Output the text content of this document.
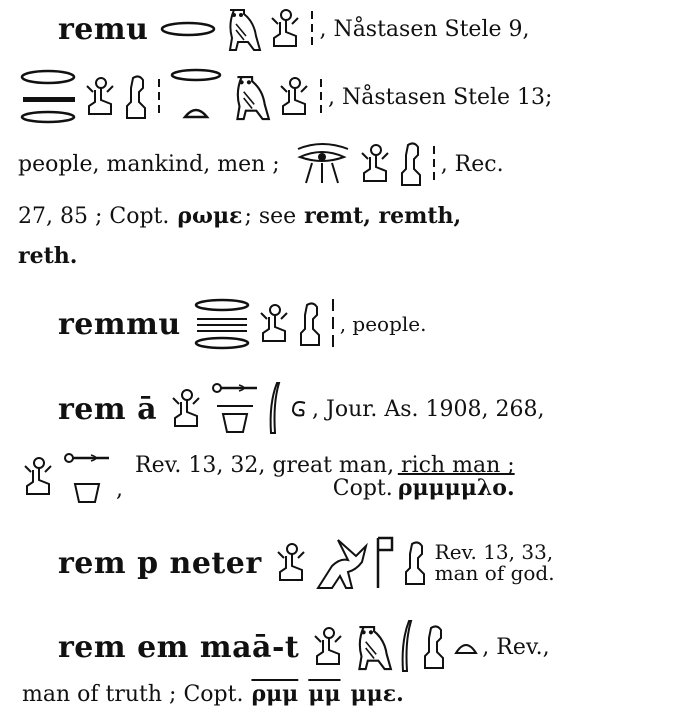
remu	, Nåstasen Stele 9,
, Nåstasen Stele 13;
people, mankind, men ;	, Rec.
27, 85 ; Copt. ρωμε ; see remt, remth,
reth.
remmu	, people.
rem ā	, Jour. As. 1908, 268,
,
Rev. 13, 32, great man, rich man ;
Copt. ρμμμμλο.
rem p neter	Rev. 13, 33,
man of god.
rem em maā-t	, Rev.,
man of truth ; Copt. $\overline{\rho\mu\mu}$ $\overline{\mu\mu}$ μμε.
